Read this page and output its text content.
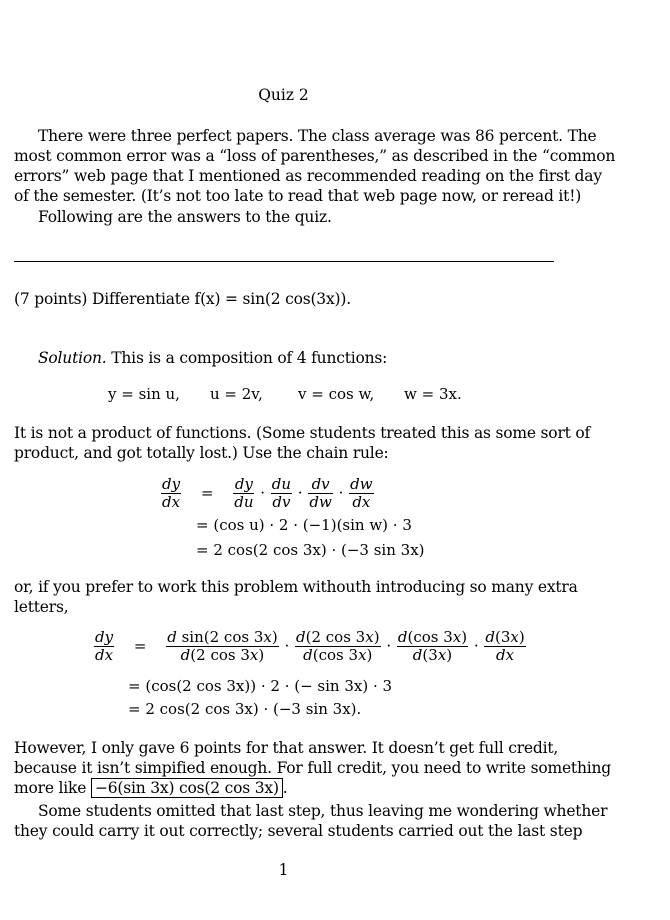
Quiz 2
There were three perfect papers. The class average was 86 percent. The
most common error was a “loss of parentheses,” as described in the “common
errors” web page that I mentioned as recommended reading on the first day
of the semester. (It’s not too late to read that web page now, or reread it!)
Following are the answers to the quiz.
(7 points) Differentiate f(x) = sin(2 cos(3x)).
Solution. This is a composition of 4 functions:
y = sin u, u = 2v, v = cos w, w = 3x.
It is not a product of functions. (Some students treated this as some sort of
product, and got totally lost.) Use the chain rule:
$\frac{dy}{dx} = \frac{dy}{du} \cdot \frac{du}{dv} \cdot \frac{dv}{dw} \cdot \frac{dw}{dx}$
= (cos u) · 2 · (−1)(sin w) · 3
= 2 cos(2 cos 3x) · (−3 sin 3x)
or, if you prefer to work this problem withouth introducing so many extra
letters,
$\frac{dy}{dx} = \frac{\text{d sin(2 cos 3x)}}{d(2 \cos 3x)} \cdot \frac{d(2 \cos 3x)}{d(\cos 3x)} \cdot \frac{d(\cos 3x)}{d(3x)} \cdot \frac{d(3x)}{dx}$
= (cos(2 cos 3x)) · 2 · (− sin 3x) · 3
= 2 cos(2 cos 3x) · (−3 sin 3x).
However, I only gave 6 points for that answer. It doesn’t get full credit,
because it isn’t simpified enough. For full credit, you need to write something
more like −6(sin 3x) cos(2 cos 3x) .
Some students omitted that last step, thus leaving me wondering whether
they could carry it out correctly; several students carried out the last step
1
